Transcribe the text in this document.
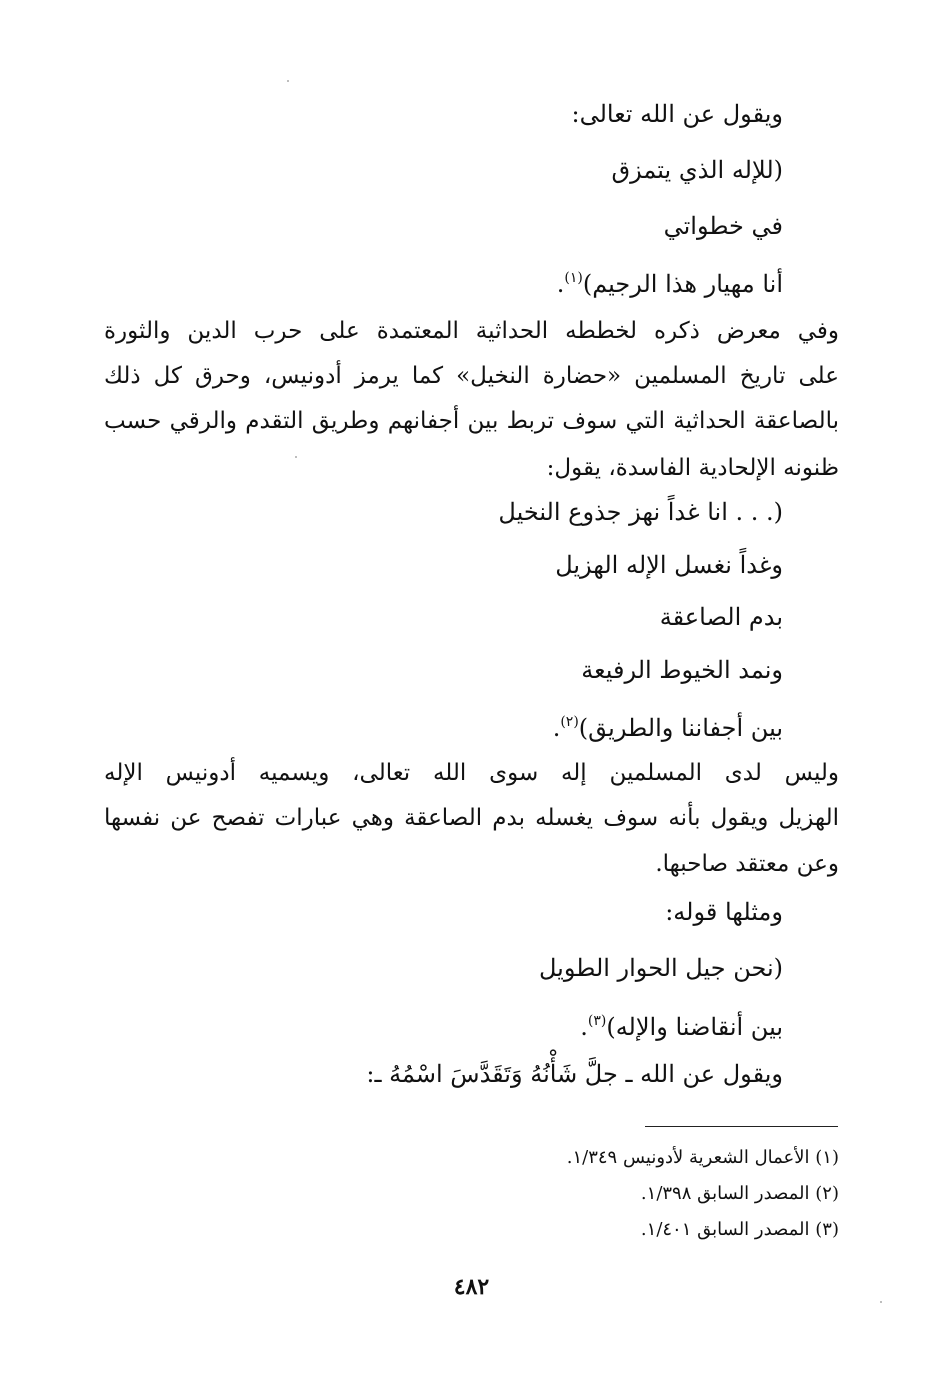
ويقول عن الله تعالى:
(للإله الذي يتمزق
في خطواتي
أنا مهيار هذا الرجيم)$^{(١)}$.
وفي معرض ذكره لخططه الحداثية المعتمدة على حرب الدين والثورة
على تاريخ المسلمين «حضارة النخيل» كما يرمز أدونيس، وحرق كل ذلك
بالصاعقة الحداثية التي سوف تربط بين أجفانهم وطريق التقدم والرقي حسب
ظنونه الإلحادية الفاسدة، يقول:
(. . . انا غداً نهز جذوع النخيل
وغداً نغسل الإله الهزيل
بدم الصاعقة
ونمد الخيوط الرفيعة
بين أجفاننا والطريق)$^{(٢)}$.
وليس لدى المسلمين إله سوى الله تعالى، ويسميه أدونيس الإله
الهزيل ويقول بأنه سوف يغسله بدم الصاعقة وهي عبارات تفصح عن نفسها
وعن معتقد صاحبها.
ومثلها قوله:
(نحن جيل الحوار الطويل
بين أنقاضنا والإله)$^{(٣)}$.
ويقول عن الله ـ جلَّ شَأْنُهُ وَتَقَدَّسَ اسْمُهُ ـ:
(١) الأعمال الشعرية لأدونيس ١/٣٤٩.
(٢) المصدر السابق ١/٣٩٨.
(٣) المصدر السابق ١/٤٠١.
٤٨٢
